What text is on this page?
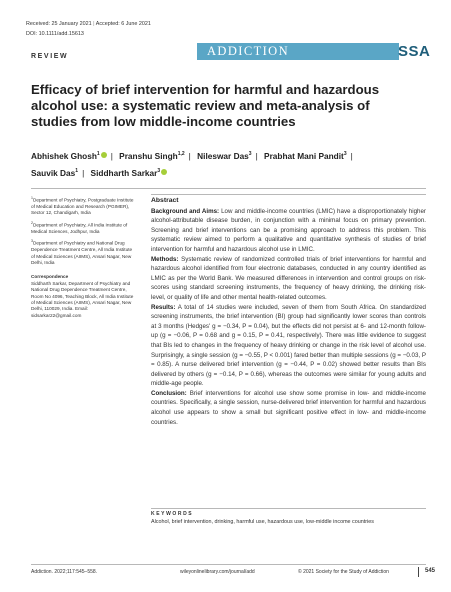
Received: 25 January 2021 | Accepted: 6 June 2021
DOI: 10.1111/add.15613
REVIEW	ADDICTION	SSA
Efficacy of brief intervention for harmful and hazardous alcohol use: a systematic review and meta-analysis of studies from low middle-income countries
Abhishek Ghosh$^1$ | Pranshu Singh$^{1,2}$ | Nileswar Das$^3$ | Prabhat Mani Pandit$^3$ |
Sauvik Das$^1$ | Siddharth Sarkar$^3$

$^1$Department of Psychiatry, Postgraduate Institute of Medical Education and Research (PGIMER), Sector 12, Chandigarh, India

$^2$Department of Psychiatry, All India Institute of Medical Sciences, Jodhpur, India

$^3$Department of Psychiatry and National Drug Dependence Treatment Centre, All India Institute of Medical Sciences (AIIMS), Ansari Nagar, New Delhi, India

Correspondence
Siddharth Sarkar, Department of Psychiatry and National Drug Dependence Treatment Centre, Room No 4096, Teaching Block, All India Institute of Medical Sciences (AIIMS), Ansari Nagar, New Delhi, 110029, India. Email: sidsarkar22@gmail.com

Abstract

Background and Aims: Low and middle-income countries (LMIC) have a disproportionately higher alcohol-attributable disease burden, in conjunction with a minimal focus on primary prevention. Screening and brief interventions can be a promising approach to address this problem. This systematic review aimed to perform a qualitative and quantitative synthesis of studies of brief intervention for harmful and hazardous alcohol use in LMIC.

Methods: Systematic review of randomized controlled trials of brief interventions for harmful and hazardous alcohol identified from four electronic databases, conducted in any country identified as LMIC as per the World Bank. We measured differences in intervention and control groups on risk-scores using standard screening instruments, the frequency of heavy drinking, the drinking risk-level, or quality of life and other mental health-related outcomes.

Results: A total of 14 studies were included, seven of them from South Africa. On standardized screening instruments, the brief intervention (BI) group had significantly lower scores than controls at 3 months (Hedges' g = −0.34, P = 0.04), but the effects did not persist at 6- and 12-month follow-up (g = −0.06, P = 0.68 and g = 0.15, P = 0.41, respectively). There was little evidence to suggest that BIs led to changes in the frequency of heavy drinking or change in the risk level of alcohol use. Surprisingly, a single session (g = −0.55, P < 0.001) fared better than multiple sessions (g = −0.03, P = 0.85). A nurse delivered brief intervention (g = −0.44, P = 0.02) showed better results than BIs delivered by others (g = −0.14, P = 0.66), whereas the outcomes were similar for young adults and middle-age people.

Conclusion: Brief interventions for alcohol use show some promise in low- and middle-income countries. Specifically, a single session, nurse-delivered brief intervention for harmful and hazardous alcohol use appears to show a small but significant positive effect in low- and middle-income countries.

KEYWORDS
Alcohol, brief intervention, drinking, harmful use, hazardous use, low-middle income countries
Addiction. 2022;117:545–558.	wileyonlinelibrary.com/journal/add	© 2021 Society for the Study of Addiction	545
